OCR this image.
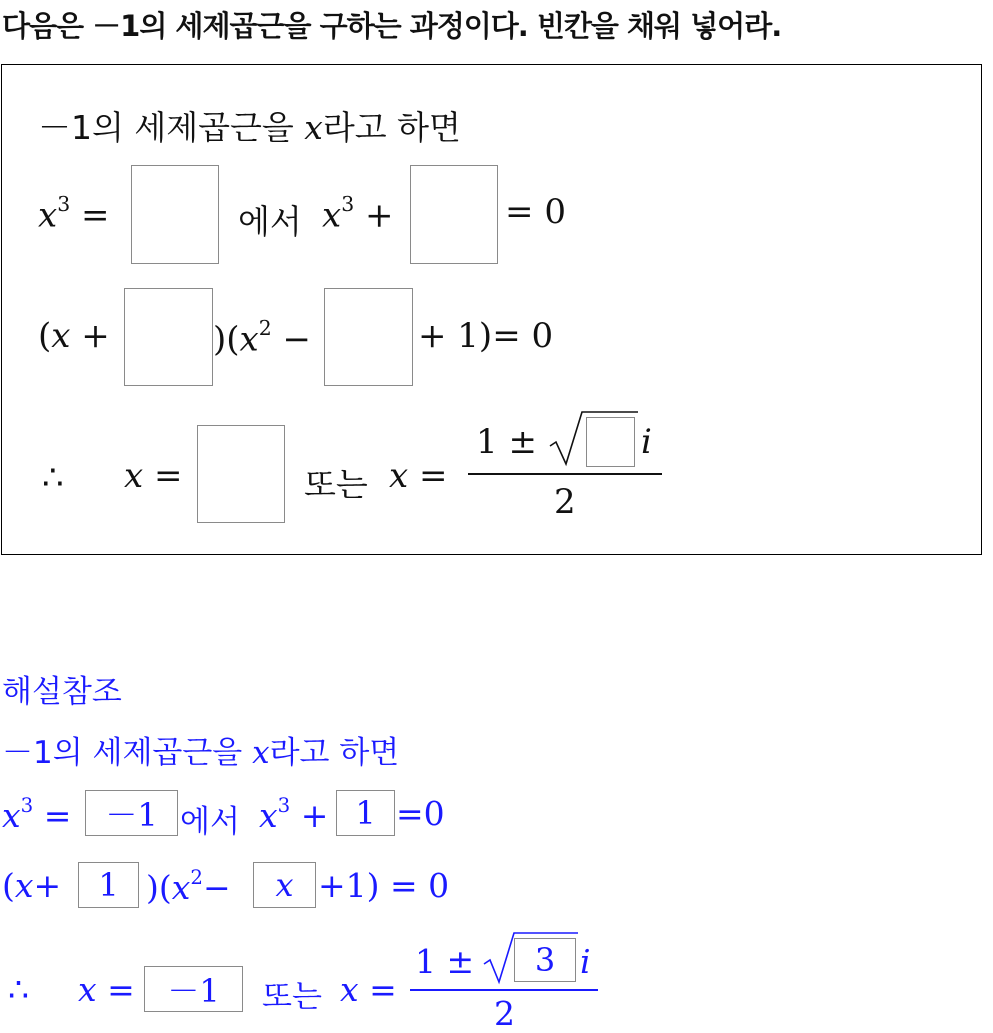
다음은 －1의 세제곱근을 구하는 과정이다. 빈칸을 채워 넣어라.
－1의 세제곱근을 x라고 하면
$x^3$ =	에서 $x^3$ +	= 0
(x +	)($x^2$ −	+ 1)= 0
∴ x =	또는 x =
1 ±	i
2
해설참조
－1의 세제곱근을 x라고 하면
$x^3$ =	－1 에서 $x^3 + 1 =0$
(x+	1 )($x^2-$	x +1) = 0
∴ x =	－1	또는 x =
1 ±	3 i
2
